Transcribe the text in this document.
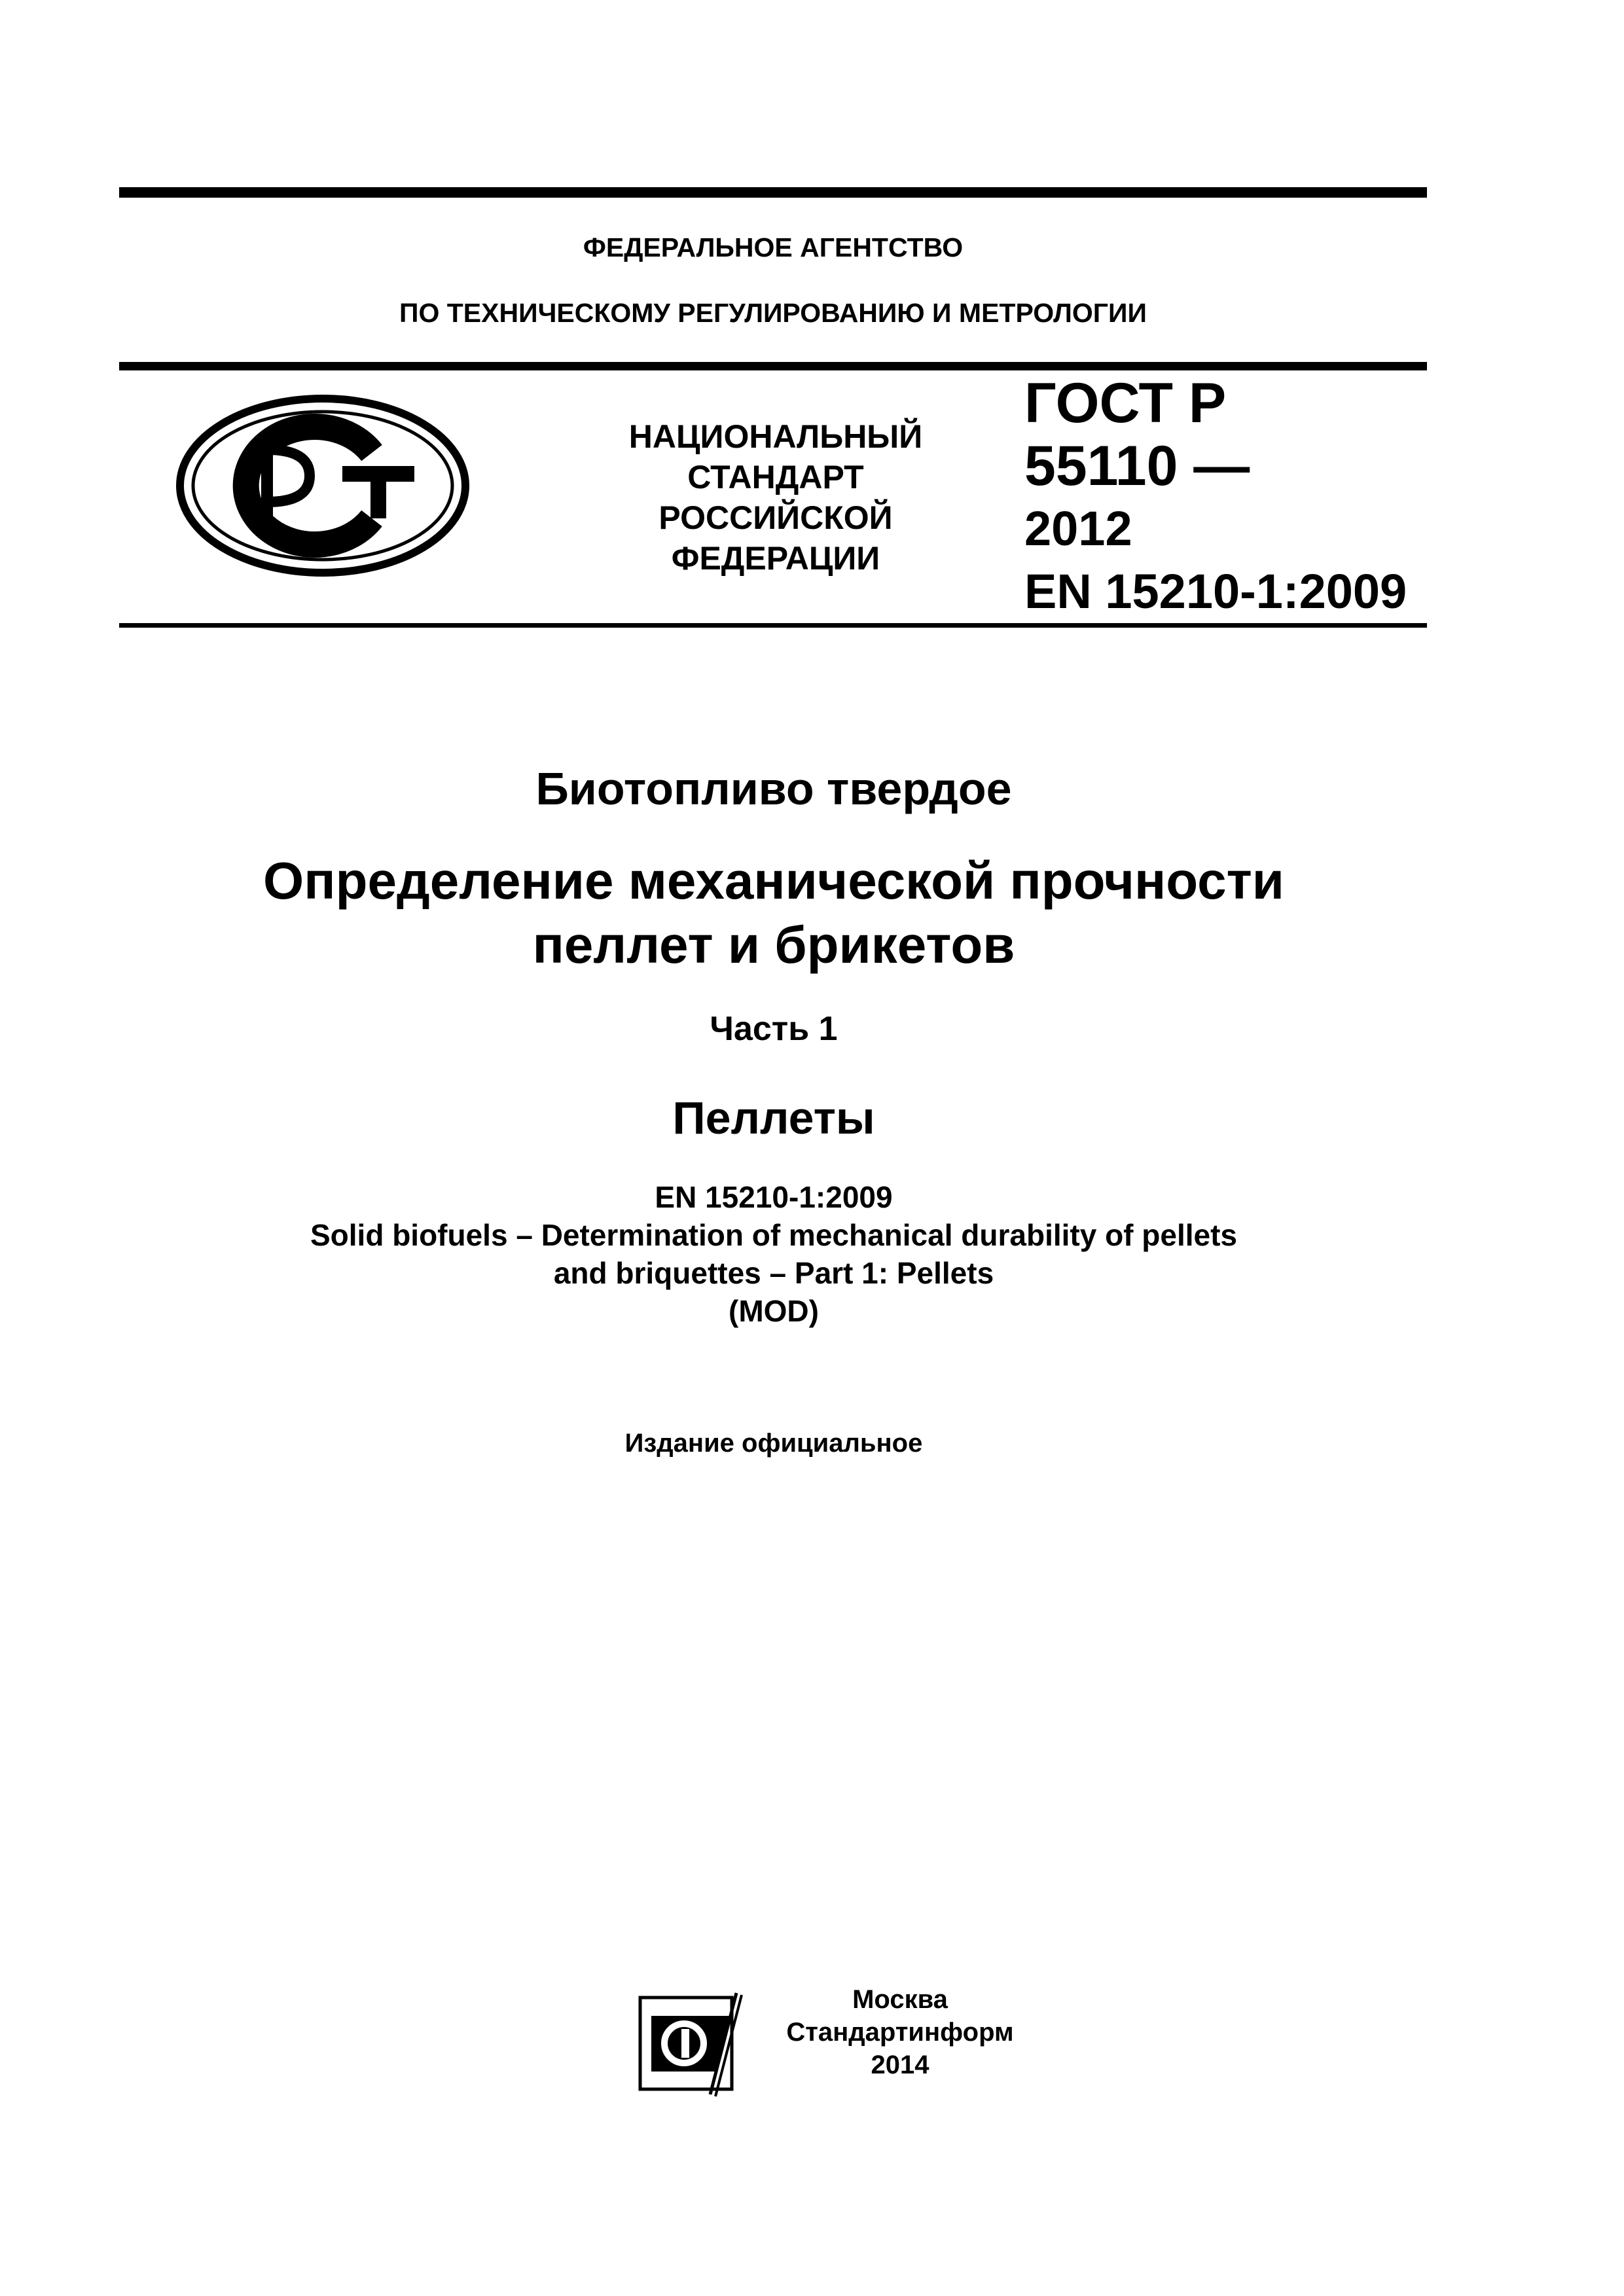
ФЕДЕРАЛЬНОЕ АГЕНТСТВО
ПО ТЕХНИЧЕСКОМУ РЕГУЛИРОВАНИЮ И МЕТРОЛОГИИ
НАЦИОНАЛЬНЫЙ
СТАНДАРТ
РОССИЙСКОЙ
ФЕДЕРАЦИИ
ГОСТ Р
55110 —
2012
EN 15210-1:2009
Биотопливо твердое
Определение механической прочности
пеллет и брикетов
Часть 1
Пеллеты
EN 15210-1:2009
Solid biofuels – Determination of mechanical durability of pellets
and briquettes – Part 1: Pellets
(MOD)
Издание официальное
Москва
Стандартинформ
2014
